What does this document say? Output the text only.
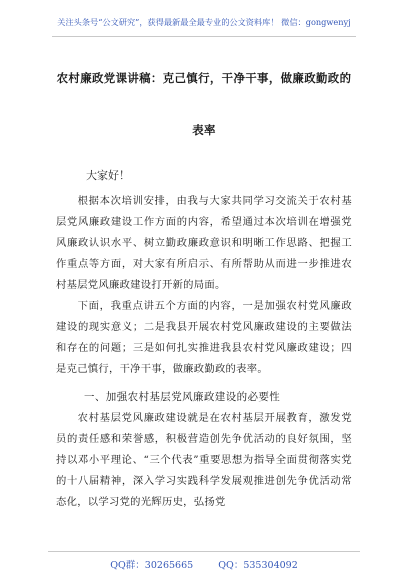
关注头条号“公文研究”，获得最新最全最专业的公文资料库！ 微信：gongwenyj
农村廉政党课讲稿：克己慎行，干净干事，做廉政勤政的
表率
大家好！

根据本次培训安排，由我与大家共同学习交流关于农村基层党风廉政建设工作方面的内容，希望通过本次培训在增强党风廉政认识水平、树立勤政廉政意识和明晰工作思路、把握工作重点等方面，对大家有所启示、有所帮助从而进一步推进农村基层党风廉政建设打开新的局面。

下面，我重点讲五个方面的内容，一是加强农村党风廉政建设的现实意义；二是我县开展农村党风廉政建设的主要做法和存在的问题；三是如何扎实推进我县农村党风廉政建设；四是克己慎行，干净干事，做廉政勤政的表率。

一、加强农村基层党风廉政建设的必要性

农村基层党风廉政建设就是在农村基层开展教育，激发党员的责任感和荣誉感，积极营造创先争优活动的良好氛围，坚持以邓小平理论、“三个代表”重要思想为指导全面贯彻落实党的十八届精神，深入学习实践科学发展观推进创先争优活动常态化，以学习党的光辉历史，弘扬党

QQ群：30265665	QQ：535304092
